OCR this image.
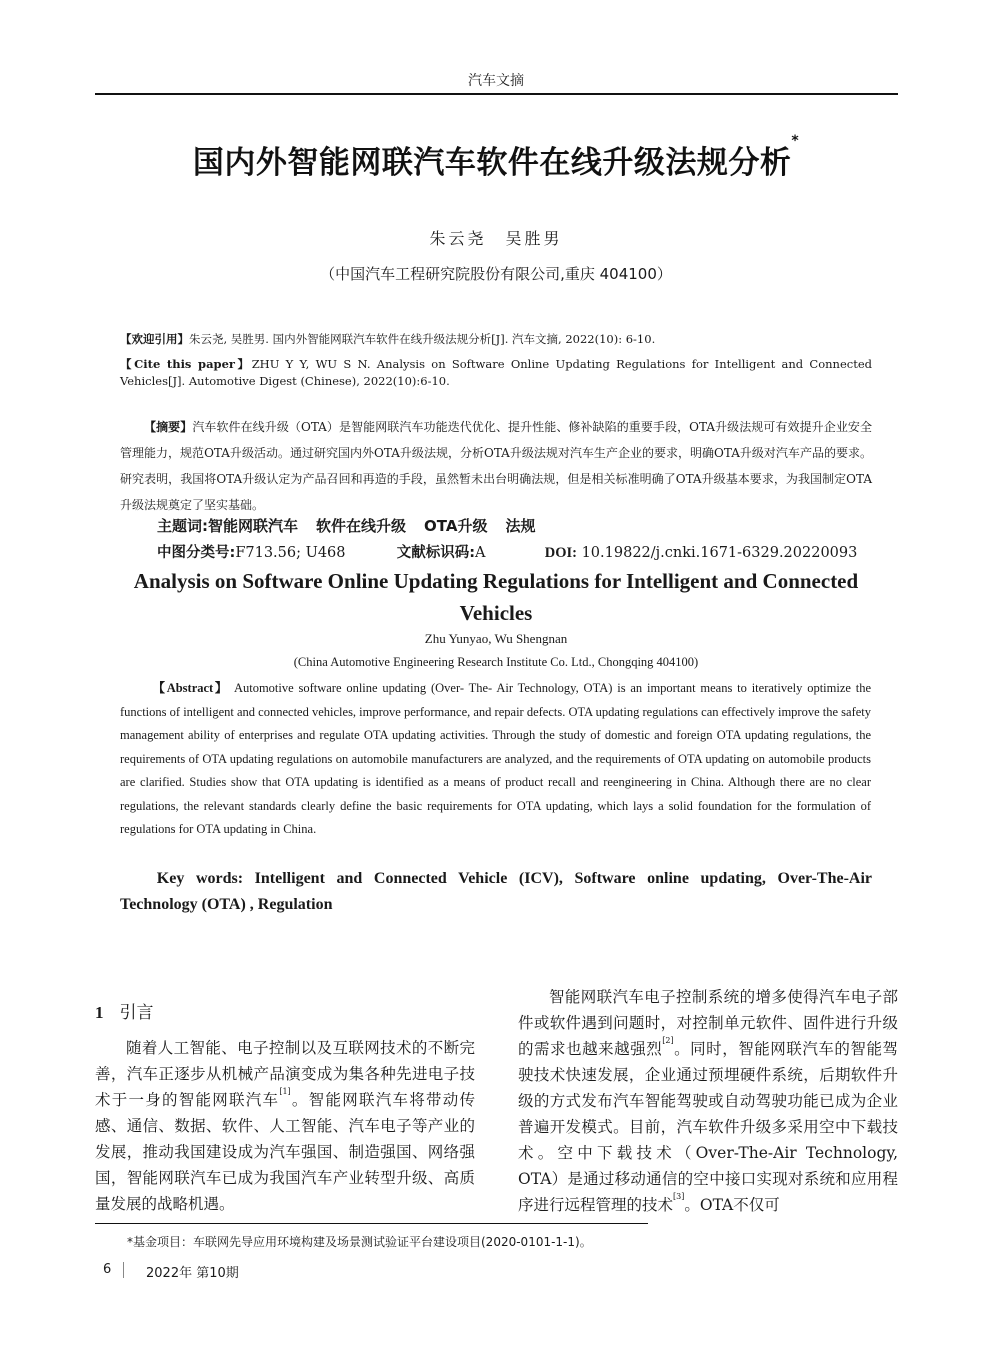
汽车文摘
国内外智能网联汽车软件在线升级法规分析*
朱云尧　吴胜男
（中国汽车工程研究院股份有限公司,重庆 404100）
【欢迎引用】朱云尧, 吴胜男. 国内外智能网联汽车软件在线升级法规分析[J]. 汽车文摘, 2022(10): 6-10.
【Cite this paper】ZHU Y Y, WU S N. Analysis on Software Online Updating Regulations for Intelligent and Connected Vehicles[J]. Automotive Digest (Chinese), 2022(10):6-10.
【摘要】汽车软件在线升级（OTA）是智能网联汽车功能迭代优化、提升性能、修补缺陷的重要手段，OTA升级法规可有效提升企业安全管理能力，规范OTA升级活动。通过研究国内外OTA升级法规，分析OTA升级法规对汽车生产企业的要求，明确OTA升级对汽车产品的要求。研究表明，我国将OTA升级认定为产品召回和再造的手段，虽然暂未出台明确法规，但是相关标准明确了OTA升级基本要求，为我国制定OTA升级法规奠定了坚实基础。
主题词:智能网联汽车 软件在线升级 OTA升级 法规
中图分类号:F713.56; U468	文献标识码:A	DOI: 10.19822/j.cnki.1671-6329.20220093
Analysis on Software Online Updating Regulations for Intelligent and Connected Vehicles
Zhu Yunyao, Wu Shengnan
(China Automotive Engineering Research Institute Co. Ltd., Chongqing 404100)
【Abstract】 Automotive software online updating (Over- The- Air Technology, OTA) is an important means to iteratively optimize the functions of intelligent and connected vehicles, improve performance, and repair defects. OTA updating regulations can effectively improve the safety management ability of enterprises and regulate OTA updating activities. Through the study of domestic and foreign OTA updating regulations, the requirements of OTA updating regulations on automobile manufacturers are analyzed, and the requirements of OTA updating on automobile products are clarified. Studies show that OTA updating is identified as a means of product recall and reengineering in China. Although there are no clear regulations, the relevant standards clearly define the basic requirements for OTA updating, which lays a solid foundation for the formulation of regulations for OTA updating in China.
Key words: Intelligent and Connected Vehicle (ICV), Software online updating, Over-The-Air Technology (OTA) , Regulation
1 引言
随着人工智能、电子控制以及互联网技术的不断完善，汽车正逐步从机械产品演变成为集各种先进电子技术于一身的智能网联汽车[1]。智能网联汽车将带动传感、通信、数据、软件、人工智能、汽车电子等产业的发展，推动我国建设成为汽车强国、制造强国、网络强国，智能网联汽车已成为我国汽车产业转型升级、高质量发展的战略机遇。
智能网联汽车电子控制系统的增多使得汽车电子部件或软件遇到问题时，对控制单元软件、固件进行升级的需求也越来越强烈[2]。同时，智能网联汽车的智能驾驶技术快速发展，企业通过预埋硬件系统，后期软件升级的方式发布汽车智能驾驶或自动驾驶功能已成为企业普遍开发模式。目前，汽车软件升级多采用空中下载技术。空中下载技术（Over-The-Air Technology, OTA）是通过移动通信的空中接口实现对系统和应用程序进行远程管理的技术[3]。OTA不仅可
*基金项目：车联网先导应用环境构建及场景测试验证平台建设项目(2020-0101-1-1)。
6	2022年 第10期
